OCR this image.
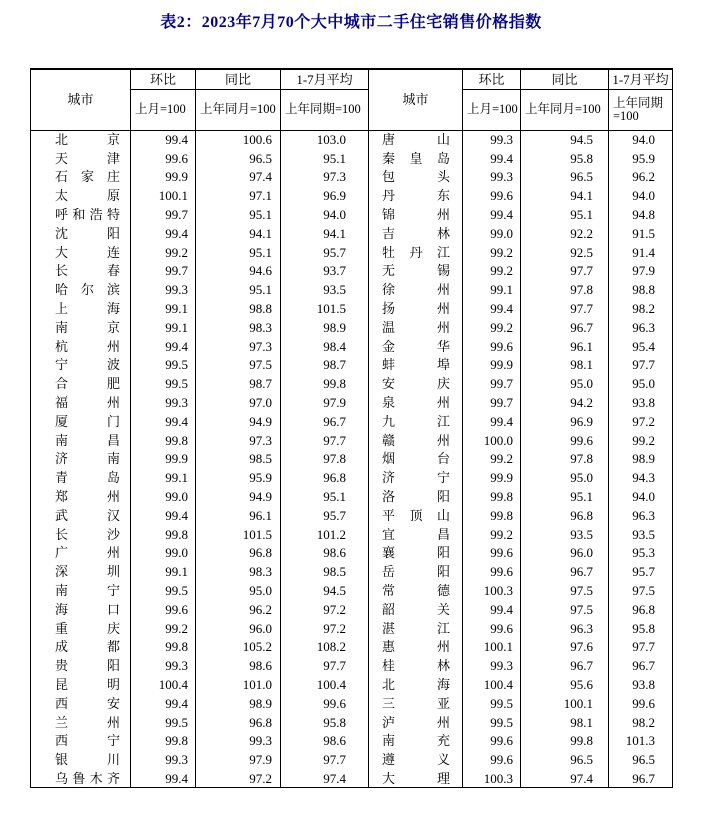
表2：2023年7月70个大中城市二手住宅销售价格指数
城市	环比	同比	1-7月平均	城市	环比	同比	1-7月平均
	上月=100	上年同月=100	上年同期=100		上月=100	上年同月=100	上年同期=100
北京	99.4	100.6	103.0	唐山	99.3	94.5	94.0
天津	99.6	96.5	95.1	秦皇岛	99.4	95.8	95.9
石家庄	99.9	97.4	97.3	包头	99.3	96.5	96.2
太原	100.1	97.1	96.9	丹东	99.6	94.1	94.0
呼和浩特	99.7	95.1	94.0	锦州	99.4	95.1	94.8
沈阳	99.4	94.1	94.1	吉林	99.0	92.2	91.5
大连	99.2	95.1	95.7	牡丹江	99.2	92.5	91.4
长春	99.7	94.6	93.7	无锡	99.2	97.7	97.9
哈尔滨	99.3	95.1	93.5	徐州	99.1	97.8	98.8
上海	99.1	98.8	101.5	扬州	99.4	97.7	98.2
南京	99.1	98.3	98.9	温州	99.2	96.7	96.3
杭州	99.4	97.3	98.4	金华	99.6	96.1	95.4
宁波	99.5	97.5	98.7	蚌埠	99.9	98.1	97.7
合肥	99.5	98.7	99.8	安庆	99.7	95.0	95.0
福州	99.3	97.0	97.9	泉州	99.7	94.2	93.8
厦门	99.4	94.9	96.7	九江	99.4	96.9	97.2
南昌	99.8	97.3	97.7	赣州	100.0	99.6	99.2
济南	99.9	98.5	97.8	烟台	99.2	97.8	98.9
青岛	99.1	95.9	96.8	济宁	99.9	95.0	94.3
郑州	99.0	94.9	95.1	洛阳	99.8	95.1	94.0
武汉	99.4	96.1	95.7	平顶山	99.8	96.8	96.3
长沙	99.8	101.5	101.2	宜昌	99.2	93.5	93.5
广州	99.0	96.8	98.6	襄阳	99.6	96.0	95.3
深圳	99.1	98.3	98.5	岳阳	99.6	96.7	95.7
南宁	99.5	95.0	94.5	常德	100.3	97.5	97.5
海口	99.6	96.2	97.2	韶关	99.4	97.5	96.8
重庆	99.2	96.0	97.2	湛江	99.6	96.3	95.8
成都	99.8	105.2	108.2	惠州	100.1	97.6	97.7
贵阳	99.3	98.6	97.7	桂林	99.3	96.7	96.7
昆明	100.4	101.0	100.4	北海	100.4	95.6	93.8
西安	99.4	98.9	99.6	三亚	99.5	100.1	99.6
兰州	99.5	96.8	95.8	泸州	99.5	98.1	98.2
西宁	99.8	99.3	98.6	南充	99.6	99.8	101.3
银川	99.3	97.9	97.7	遵义	99.6	96.5	96.5
乌鲁木齐	99.4	97.2	97.4	大理	100.3	97.4	96.7
